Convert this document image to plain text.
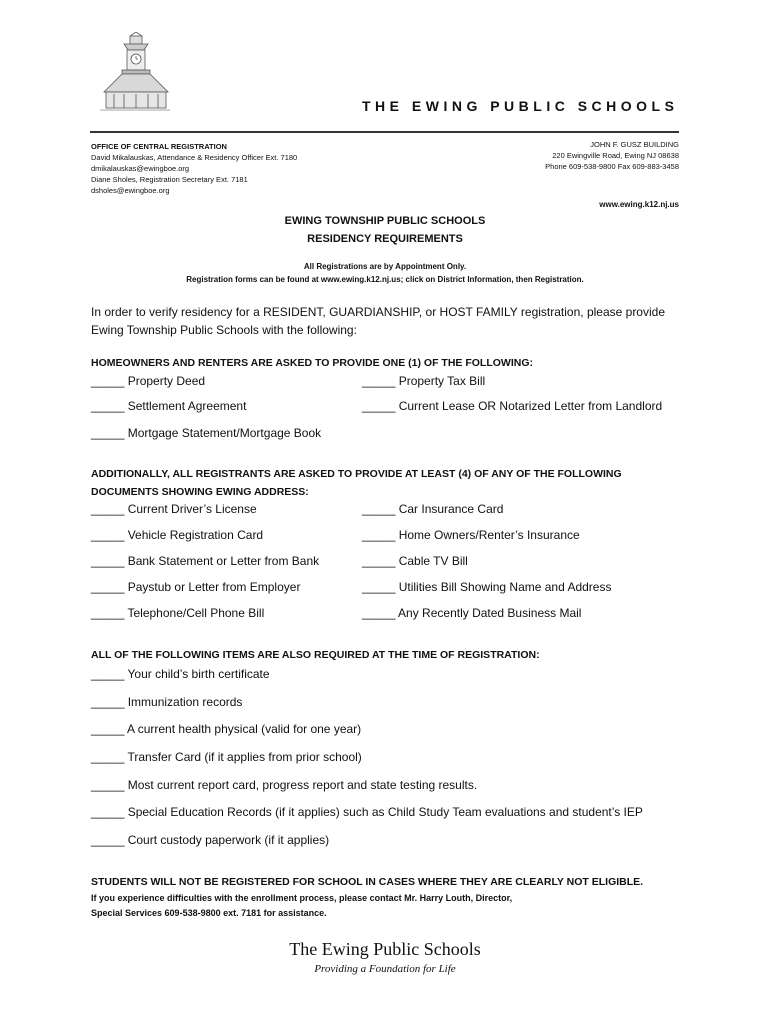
THE EWING PUBLIC SCHOOLS
OFFICE OF CENTRAL REGISTRATION
David Mikalauskas, Attendance & Residency Officer Ext. 7180
dmikalauskas@ewingboe.org
Diane Sholes, Registration Secretary Ext. 7181
dsholes@ewingboe.org
JOHN F. GUSZ BUILDING
220 Ewingville Road, Ewing NJ 08638
Phone 609-538-9800 Fax 609-883-3458
www.ewing.k12.nj.us
EWING TOWNSHIP PUBLIC SCHOOLS
RESIDENCY REQUIREMENTS
All Registrations are by Appointment Only.
Registration forms can be found at www.ewing.k12.nj.us; click on District Information, then Registration.
In order to verify residency for a RESIDENT, GUARDIANSHIP, or HOST FAMILY registration, please provide Ewing Township Public Schools with the following:
HOMEOWNERS AND RENTERS ARE ASKED TO PROVIDE ONE (1) OF THE FOLLOWING:
_____ Property Deed	_____ Property Tax Bill
_____ Settlement Agreement	_____ Current Lease OR Notarized Letter from Landlord
_____ Mortgage Statement/Mortgage Book
ADDITIONALLY, ALL REGISTRANTS ARE ASKED TO PROVIDE AT LEAST (4) OF ANY OF THE FOLLOWING
DOCUMENTS SHOWING EWING ADDRESS:
_____ Current Driver’s License	_____ Car Insurance Card
_____ Vehicle Registration Card	_____ Home Owners/Renter’s Insurance
_____ Bank Statement or Letter from Bank	_____ Cable TV Bill
_____ Paystub or Letter from Employer	_____ Utilities Bill Showing Name and Address
_____ Telephone/Cell Phone Bill	_____ Any Recently Dated Business Mail
ALL OF THE FOLLOWING ITEMS ARE ALSO REQUIRED AT THE TIME OF REGISTRATION:
_____ Your child’s birth certificate
_____ Immunization records
_____ A current health physical (valid for one year)
_____ Transfer Card (if it applies from prior school)
_____ Most current report card, progress report and state testing results.
_____ Special Education Records (if it applies) such as Child Study Team evaluations and student’s IEP
_____ Court custody paperwork (if it applies)
STUDENTS WILL NOT BE REGISTERED FOR SCHOOL IN CASES WHERE THEY ARE CLEARLY NOT ELIGIBLE.
If you experience difficulties with the enrollment process, please contact Mr. Harry Louth, Director,
Special Services 609-538-9800 ext. 7181 for assistance.
The Ewing Public Schools
Providing a Foundation for Life
